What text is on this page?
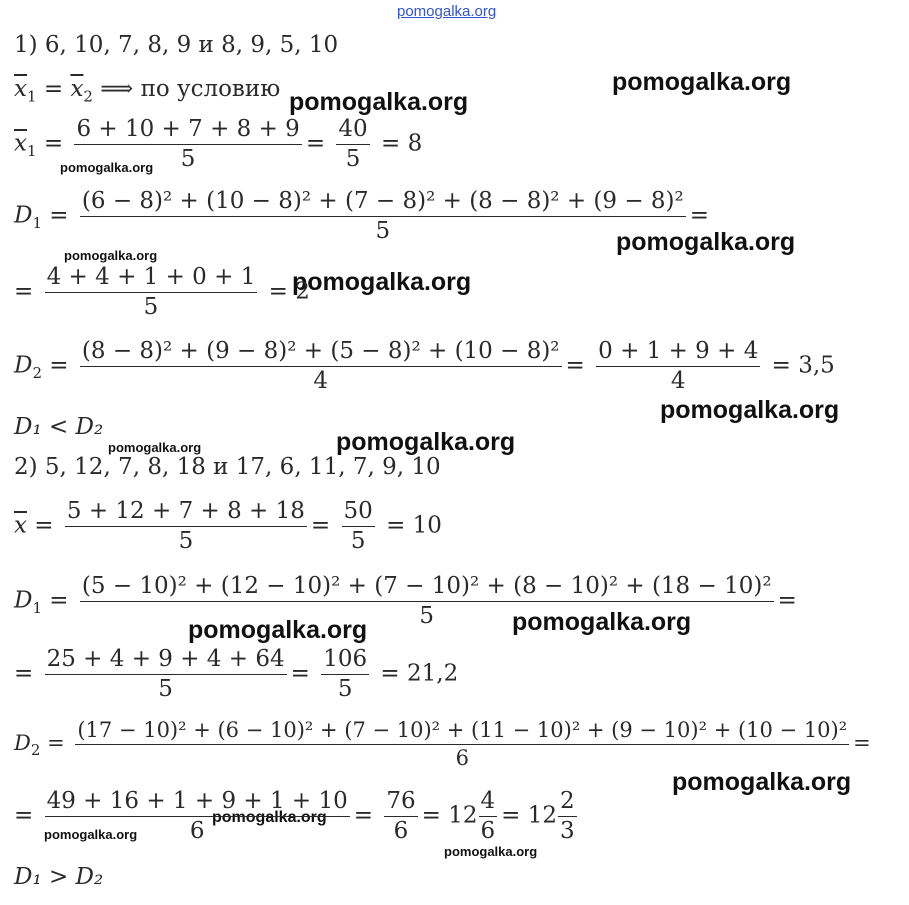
pomogalka.org
pomogalka.org
pomogalka.org
pomogalka.org
pomogalka.org
pomogalka.org
pomogalka.org
pomogalka.org
pomogalka.org	pomogalka.org
pomogalka.org	pomogalka.org
pomogalka.org
pomogalka.org
pomogalka.org
pomogalka.org
1) 6, 10, 7, 8, 9 и 8, 9, 5, 10
$\overline{x}_1 = \overline{x}_2$ ⟹ по условию
$\overline{x}_1 = \frac{6 + 10 + 7 + 8 + 9}{5} = \frac{40}{5} = 8$
$D_1 = \frac{\text{(6 − 8)² + (10 − 8)² + (7 − 8)² + (8 − 8)² + (9 − 8)²}}{5}$ =
= $\frac{4 + 4 + 1 + 0 + 1}{5} = 2$
$D_2 = \frac{\text{(8 − 8)² + (9 − 8)² + (5 − 8)² + (10 − 8)²}}{4} = \frac{0 + 1 + 9 + 4}{4} = 3,5$
D₁ < D₂
2) 5, 12, 7, 8, 18 и 17, 6, 11, 7, 9, 10
$\overline{x} = \frac{5 + 12 + 7 + 8 + 18}{5} = \frac{50}{5} = 10$
$D_1 = \frac{\text{(5 − 10)² + (12 − 10)² + (7 − 10)² + (8 − 10)² + (18 − 10)²}}{5}$ =
= $\frac{25 + 4 + 9 + 4 + 64}{5} = \frac{106}{5} = 21,2$
$D_2$ =
(17 − 10)² + (6 − 10)² + (7 − 10)² + (11 − 10)² + (9 − 10)² + (10 − 10)²
6
=
= $\frac{49 + 16 + 1 + 9 + 1 + 10}{6} = \frac{76}{6} = 12 \frac{4}{6} = 12 \frac{2}{3}$
D₁ > D₂
